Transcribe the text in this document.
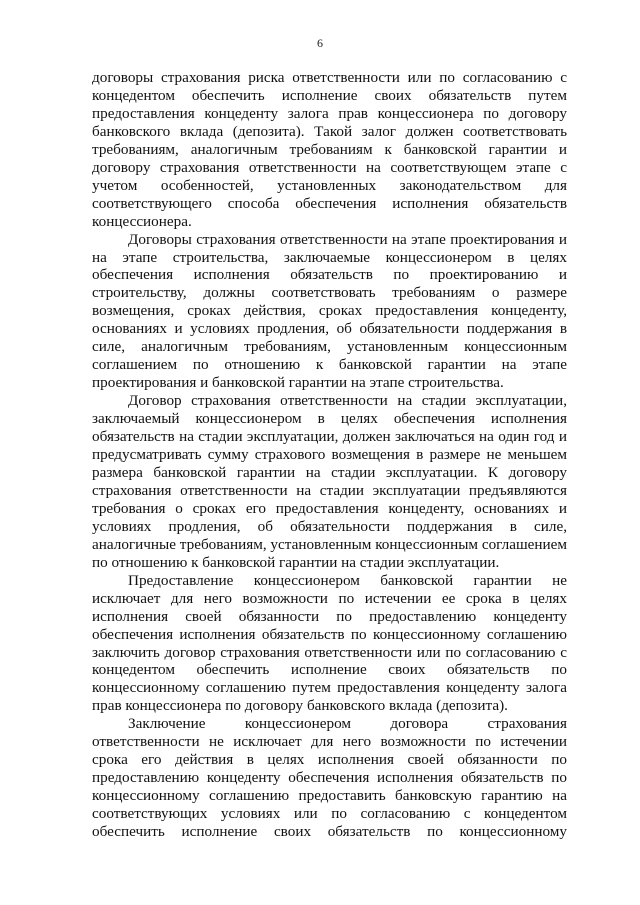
6

договоры страхования риска ответственности или по согласованию с концедентом обеспечить исполнение своих обязательств путем предоставления концеденту залога прав концессионера по договору банковского вклада (депозита). Такой залог должен соответствовать требованиям, аналогичным требованиям к банковской гарантии и договору страхования ответственности на соответствующем этапе с учетом особенностей, установленных законодательством для соответствующего способа обеспечения исполнения обязательств концессионера.

Договоры страхования ответственности на этапе проектирования и на этапе строительства, заключаемые концессионером в целях обеспечения исполнения обязательств по проектированию и строительству, должны соответствовать требованиям о размере возмещения, сроках действия, сроках предоставления концеденту, основаниях и условиях продления, об обязательности поддержания в силе, аналогичным требованиям, установленным концессионным соглашением по отношению к банковской гарантии на этапе проектирования и банковской гарантии на этапе строительства.

Договор страхования ответственности на стадии эксплуатации, заключаемый концессионером в целях обеспечения исполнения обязательств на стадии эксплуатации, должен заключаться на один год и предусматривать сумму страхового возмещения в размере не меньшем размера банковской гарантии на стадии эксплуатации. К договору страхования ответственности на стадии эксплуатации предъявляются требования о сроках его предоставления концеденту, основаниях и условиях продления, об обязательности поддержания в силе, аналогичные требованиям, установленным концессионным соглашением по отношению к банковской гарантии на стадии эксплуатации.

Предоставление концессионером банковской гарантии не исключает для него возможности по истечении ее срока в целях исполнения своей обязанности по предоставлению концеденту обеспечения исполнения обязательств по концессионному соглашению заключить договор страхования ответственности или по согласованию с концедентом обеспечить исполнение своих обязательств по концессионному соглашению путем предоставления концеденту залога прав концессионера по договору банковского вклада (депозита).

Заключение концессионером договора страхования ответственности не исключает для него возможности по истечении срока его действия в целях исполнения своей обязанности по предоставлению концеденту обеспечения исполнения обязательств по концессионному соглашению предоставить банковскую гарантию на соответствующих условиях или по согласованию с концедентом обеспечить исполнение своих обязательств по концессионному
